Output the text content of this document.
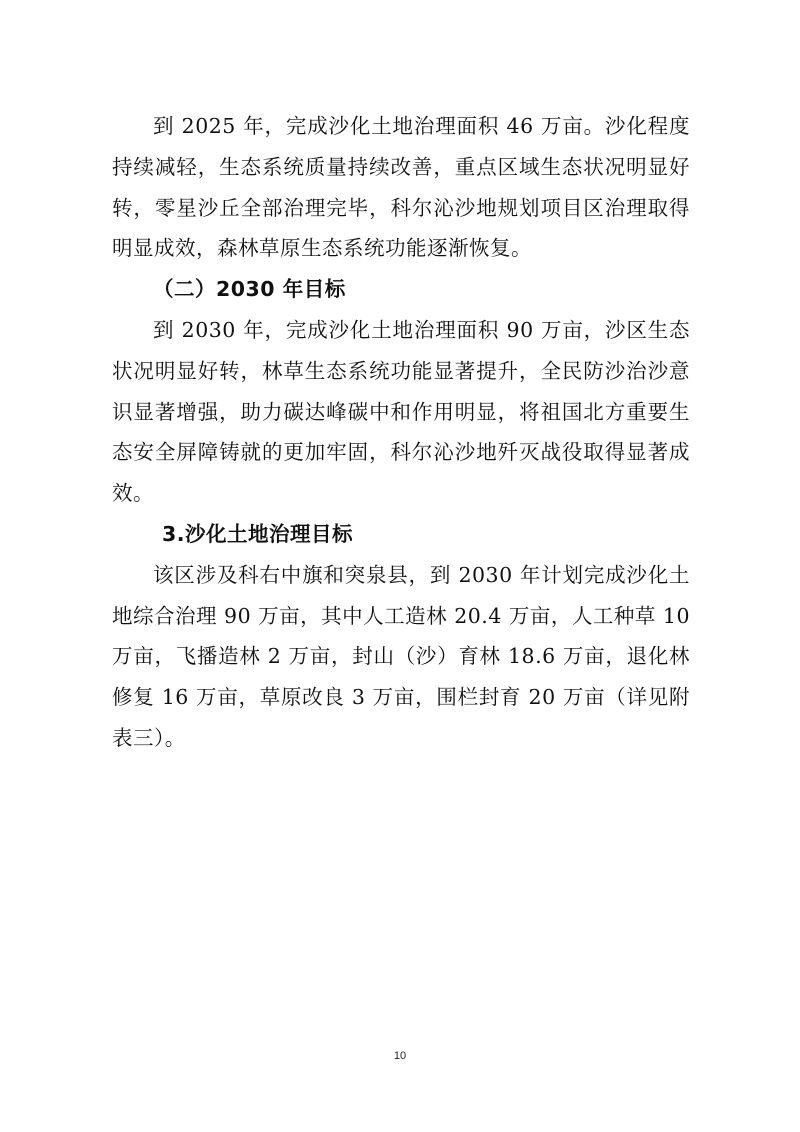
到 2025 年，完成沙化土地治理面积 46 万亩。沙化程度持续减轻，生态系统质量持续改善，重点区域生态状况明显好转，零星沙丘全部治理完毕，科尔沁沙地规划项目区治理取得明显成效，森林草原生态系统功能逐渐恢复。

（二）2030 年目标

到 2030 年，完成沙化土地治理面积 90 万亩，沙区生态状况明显好转，林草生态系统功能显著提升，全民防沙治沙意识显著增强，助力碳达峰碳中和作用明显，将祖国北方重要生态安全屏障铸就的更加牢固，科尔沁沙地歼灭战役取得显著成效。

3.沙化土地治理目标

该区涉及科右中旗和突泉县，到 2030 年计划完成沙化土地综合治理 90 万亩，其中人工造林 20.4 万亩，人工种草 10 万亩，飞播造林 2 万亩，封山（沙）育林 18.6 万亩，退化林修复 16 万亩，草原改良 3 万亩，围栏封育 20 万亩（详见附表三）。

10
